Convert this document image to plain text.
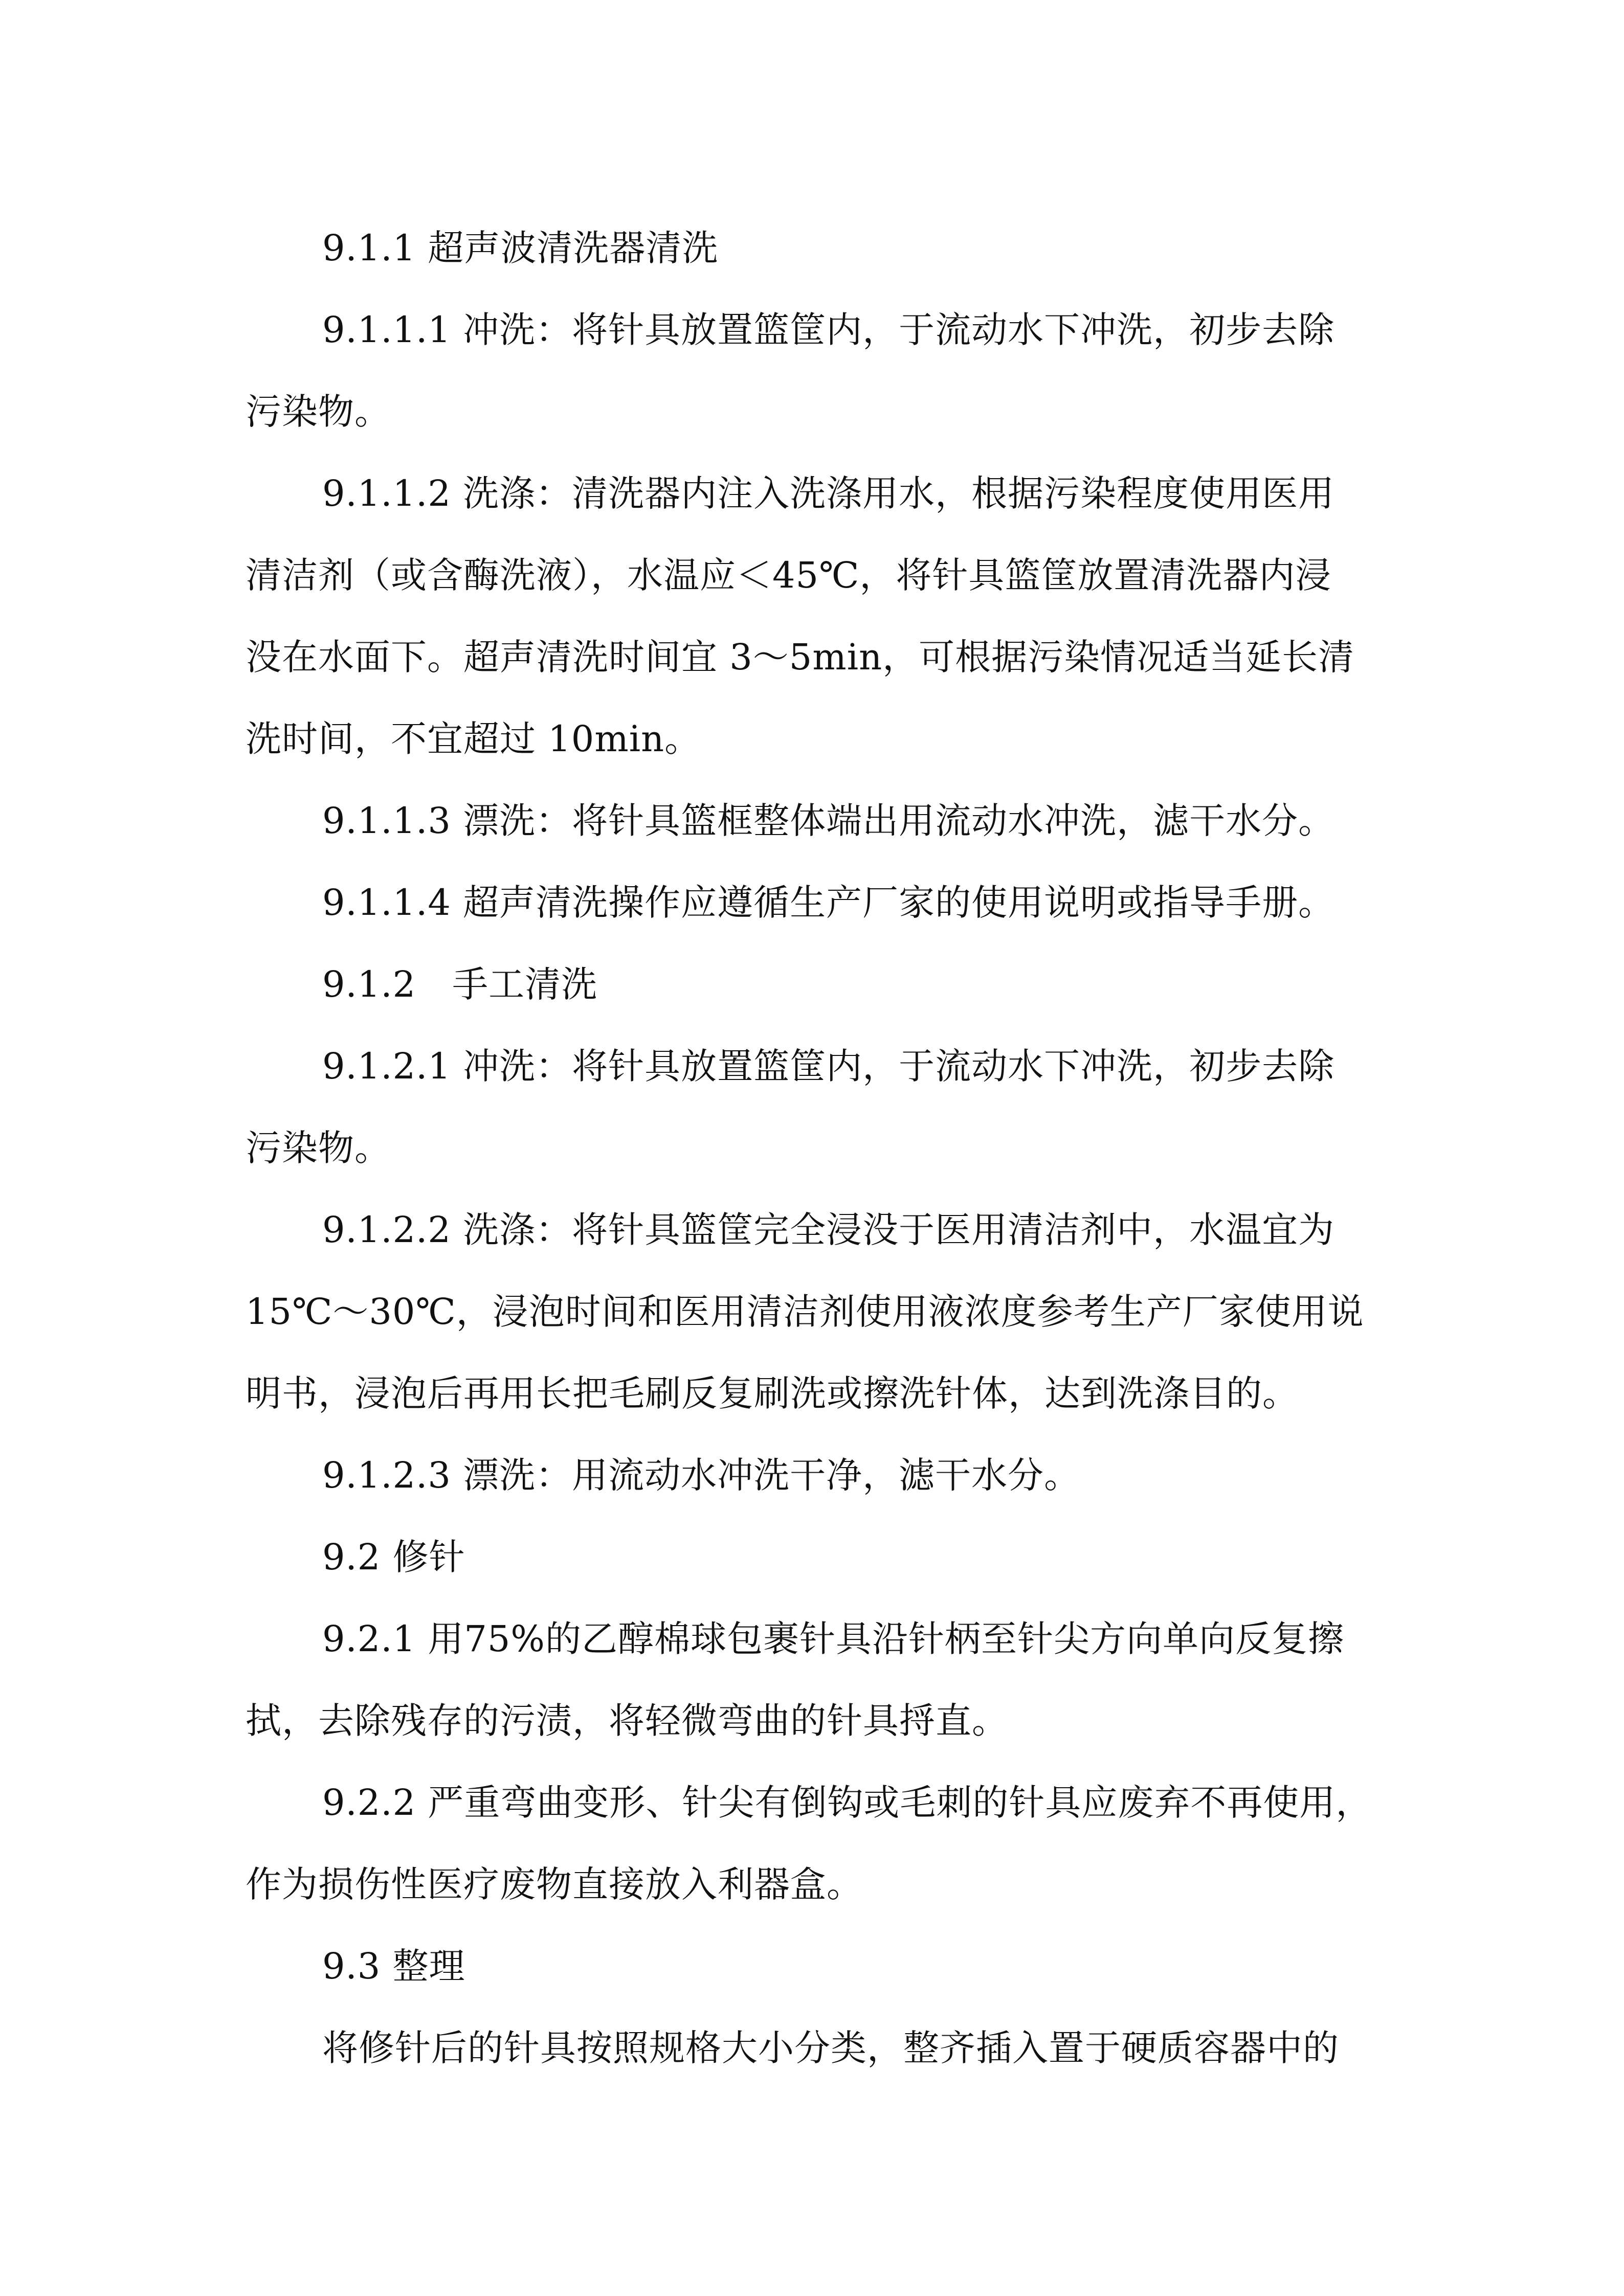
9.1.1 超声波清洗器清洗
9.1.1.1 冲洗：将针具放置篮筐内，于流动水下冲洗，初步去除
污染物。
9.1.1.2 洗涤：清洗器内注入洗涤用水，根据污染程度使用医用
清洁剂（或含酶洗液），水温应＜45℃，将针具篮筐放置清洗器内浸
没在水面下。超声清洗时间宜 3～5min，可根据污染情况适当延长清
洗时间，不宜超过 10min。
9.1.1.3 漂洗：将针具篮框整体端出用流动水冲洗，滤干水分。
9.1.1.4 超声清洗操作应遵循生产厂家的使用说明或指导手册。
9.1.2　手工清洗
9.1.2.1 冲洗：将针具放置篮筐内，于流动水下冲洗，初步去除
污染物。
9.1.2.2 洗涤：将针具篮筐完全浸没于医用清洁剂中，水温宜为
15℃～30℃，浸泡时间和医用清洁剂使用液浓度参考生产厂家使用说
明书，浸泡后再用长把毛刷反复刷洗或擦洗针体，达到洗涤目的。
9.1.2.3 漂洗：用流动水冲洗干净，滤干水分。
9.2 修针
9.2.1 用75%的乙醇棉球包裹针具沿针柄至针尖方向单向反复擦
拭，去除残存的污渍，将轻微弯曲的针具捋直。
9.2.2 严重弯曲变形、针尖有倒钩或毛刺的针具应废弃不再使用，
作为损伤性医疗废物直接放入利器盒。
9.3 整理
将修针后的针具按照规格大小分类，整齐插入置于硬质容器中的
